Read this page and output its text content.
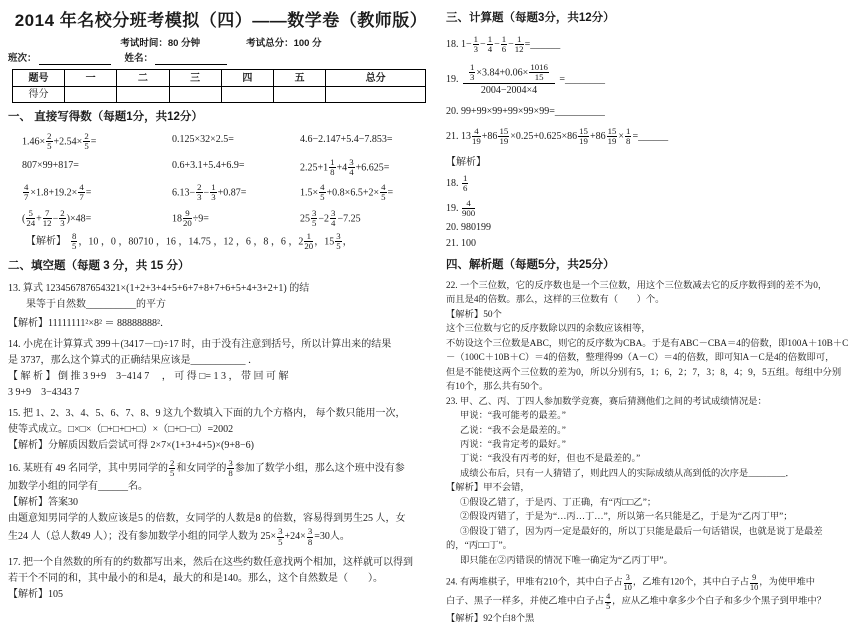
2014 年名校分班考模拟（四）——数学卷（教师版）
考试时间：80 分钟	考试总分：100 分
班次：	姓名：
题号	一	二	三	四	五	总分
得分						
一、 直接写得数（每题1分，共12分）
$1.46\times \frac{2}{5} +2.54\times \frac{2}{5}$ =	0.125×32×2.5=	4.6−2.147+5.4−7.853=
807×99+817=	0.6+3.1+5.4+6.9=	$2.25+1 \frac{1}{8} +4 \frac{3}{4} +6.625=$
$\frac{4}{7} \times 1.8+19.2\times \frac{4}{7}$ =	$6.13- \frac{2}{3} - \frac{1}{3} +0.87=$	$1.5\times \frac{4}{5} +0.8\times 6.5+2\times \frac{4}{5}$ =
( $\frac{5}{24} + \frac{7}{12} - \frac{2}{3} )\times 48=$	$18 \frac{9}{20} \div 9=$	$25 \frac{3}{5} -2 \frac{3}{4} -7.25$
【解析】 $\frac{8}{5}$ ，10 ，0 ，80710 ，16 ，14.75 ，12 ，6 ，8 ，6 ，$2 \frac{1}{20}$ ，$15 \frac{3}{5}$ ，
二、填空题（每题 3 分，共 15 分）
13. 算式 123456787654321×(1+2+3+4+5+6+7+8+7+6+5+4+3+2+1) 的结
果等于自然数__________的平方
【解析】11111111²×8² ＝ 88888888²．
14. 小虎在计算算式 399＋(3417－□)÷17 时，由于没有注意到括号，所以计算出来的结果
是 3737，那么这个算式的正确结果应该是___________ ．
【 解 析 】 倒 推 3 9+9　3−414 7　 ， 可 得 □= 1 3 ， 带 回 可 解
3 9+9　3−4343 7
15. 把 1、2、3、4、5、6、7、8、9 这九个数填入下面的九个方格内， 每个数只能用一次，
使等式成立。□×□×（□+□+□+□）×（□+□−□）=2002
【解析】分解质因数后尝试可得 2×7×(1+3+4+5)×(9+8−6)
16. 某班有 49 名同学，其中男同学的 $\frac{2}{5}$ 和女同学的 $\frac{3}{8}$ 参加了数学小组，那么这个班中没有参
加数学小组的同学有______名。
【解析】答案30
由题意知男同学的人数应该是5 的倍数，女同学的人数是8 的倍数，容易得到男生25 人，女
生24 人（总人数49 人）；没有参加数学小组的同学人数为 $25\times \frac{3}{5} +24\times \frac{3}{8} =30$人。
17. 把一个自然数的所有的约数都写出来，然后在这些约数任意找两个相加，这样就可以得到
若干个不同的和，其中最小的和是4，最大的和是140。那么，这个自然数是（　　）。
【解析】105
三、计算题（每题3分，共12分）
18. $1- \frac{1}{3} - \frac{1}{4} - \frac{1}{6} - \frac{1}{12}$ =______
19. $\frac{\frac{1}{3} \times 3.84+0.06\times \frac{1016}{15}}{2004-2004\times 4}$ =________
20. 99+99×99+99×99×99=__________
21. $13 \frac{4}{19} +86 \frac{15}{19} \times 0.25+0.625\times 86 \frac{15}{19} +86 \frac{15}{19} \times \frac{1}{8}$ =______
【解析】
18. $\frac{1}{6}$
19. $\frac{4}{900}$
20. 980199
21. 100
四、解析题（每题5分，共25分）
22. 一个三位数，它的反序数也是一个三位数，用这个三位数减去它的反序数得到的差不为0，
而且是4的倍数。那么，这样的三位数有（　　）个。
【解析】50个
这个三位数与它的反序数除以四的余数应该相等，
不妨设这个三位数是ABC，则它的反序数为CBA。于是有ABC－CBA＝4的倍数，即100A＋10B＋C
－（100C＋10B＋C）＝4的倍数，整理得99（A－C）＝4的倍数，即可知A－C是4的倍数即可，
但是不能使这两个三位数的差为0，所以分别有5，1；6，2；7，3；8，4；9，5五组。每组中分别
有10个，那么共有50个。
23. 甲、乙、丙、丁四人参加数学竞赛，赛后猜测他们之间的考试成绩情况是：
甲说：“我可能考的最差。”
乙说：“我不会是最差的。”
丙说：“我肯定考的最好。”
丁说：“我没有丙考的好，但也不是最差的。”
成绩公布后，只有一人猜错了，则此四人的实际成绩从高到低的次序是________．
【解析】甲不会错，
①假设乙错了，于是丙、丁正确，有“丙□□乙”；
②假设丙错了，于是为“…丙…丁…”，所以第一名只能是乙，于是为“乙丙丁甲”；
③假设丁错了，因为丙一定是最好的，所以丁只能是最后一句话错误，也就是说丁是最差
的，“丙□□丁”。
即只能在②丙错误的情况下唯一确定为“乙丙丁甲”。
24. 有两堆棋子，甲堆有210个，其中白子占 $\frac{3}{10}$ ，乙堆有120个，其中白子占 $\frac{9}{10}$ ，为使甲堆中
白子、黑子一样多，并使乙堆中白子占 $\frac{4}{5}$ ，应从乙堆中拿多少个白子和多少个黑子到甲堆中？
【解析】92个白8个黑
